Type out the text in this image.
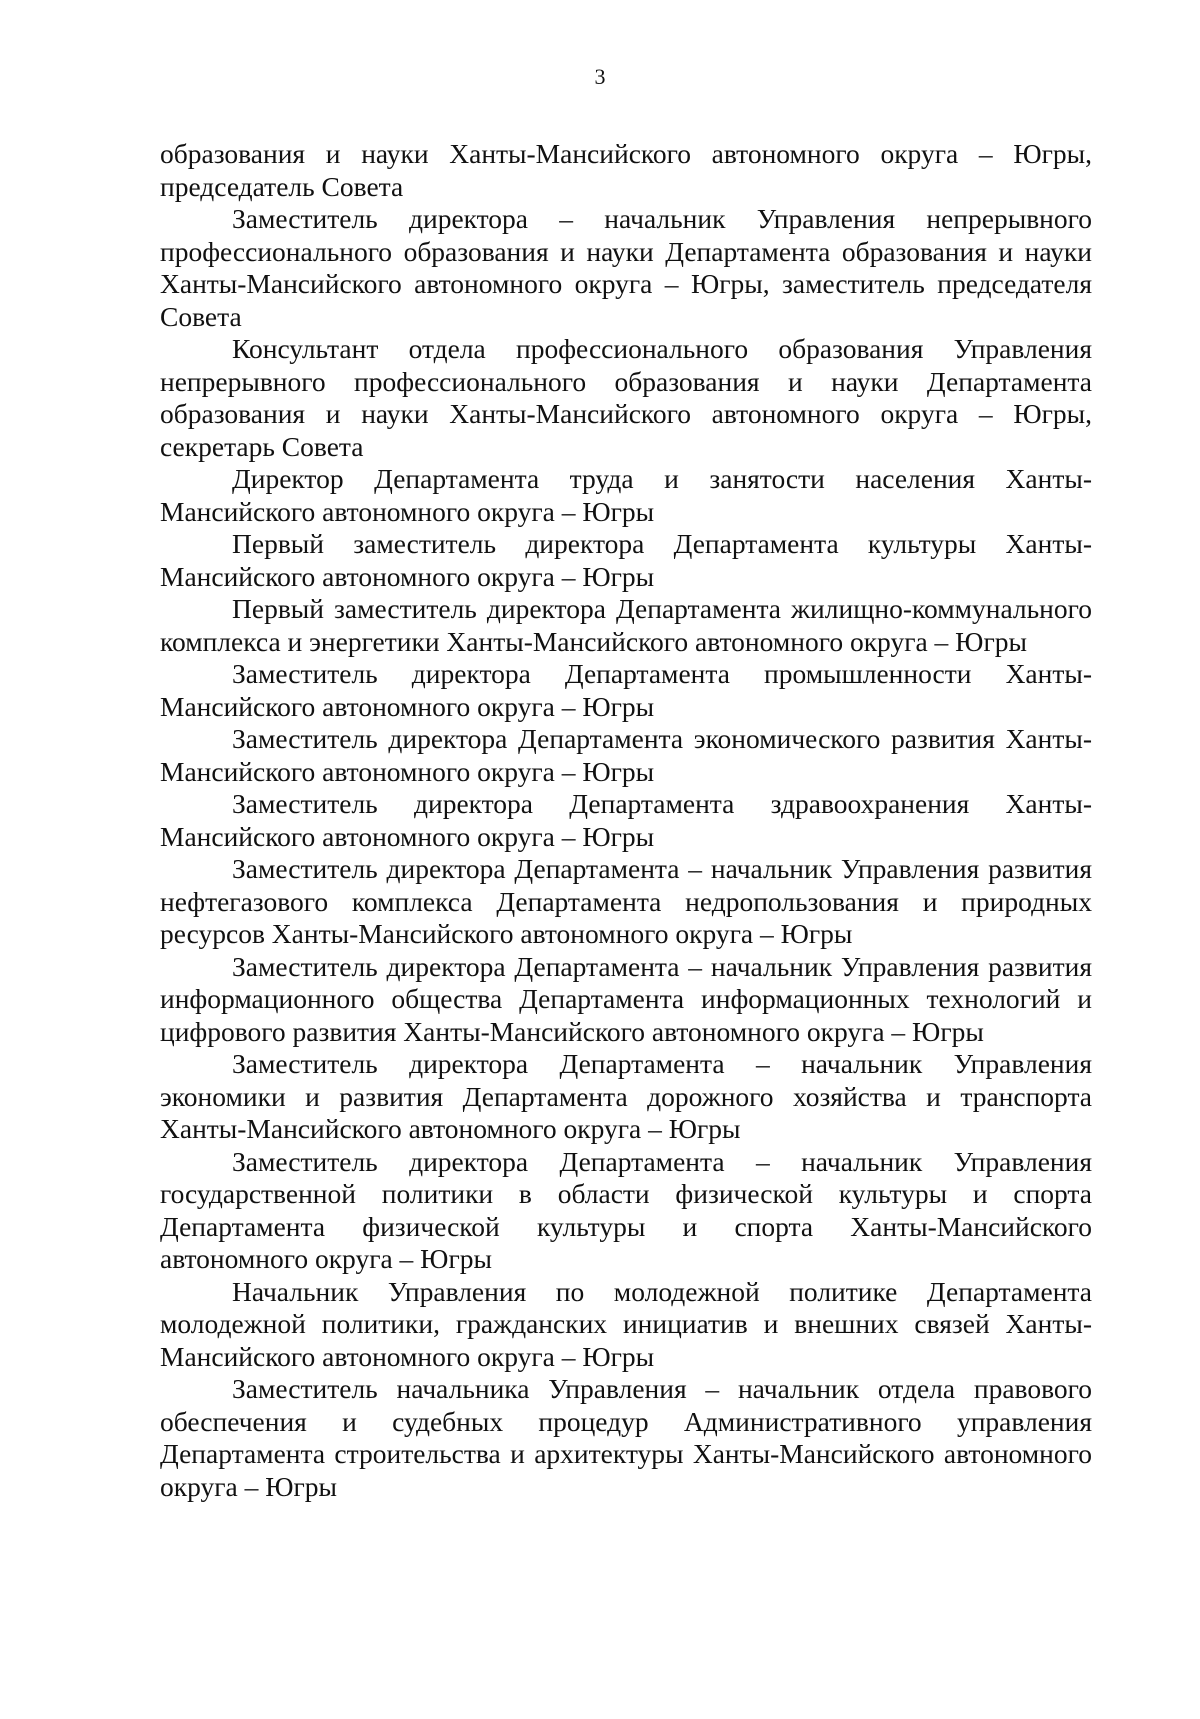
3

образования и науки Ханты-Мансийского автономного округа – Югры, председатель Совета

Заместитель директора – начальник Управления непрерывного профессионального образования и науки Департамента образования и науки Ханты-Мансийского автономного округа – Югры, заместитель председателя Совета

Консультант отдела профессионального образования Управления непрерывного профессионального образования и науки Департамента образования и науки Ханты-Мансийского автономного округа – Югры, секретарь Совета

Директор Департамента труда и занятости населения Ханты-Мансийского автономного округа – Югры

Первый заместитель директора Департамента культуры Ханты-Мансийского автономного округа – Югры

Первый заместитель директора Департамента жилищно-коммунального комплекса и энергетики Ханты-Мансийского автономного округа – Югры

Заместитель директора Департамента промышленности Ханты-Мансийского автономного округа – Югры

Заместитель директора Департамента экономического развития Ханты-Мансийского автономного округа – Югры

Заместитель директора Департамента здравоохранения Ханты-Мансийского автономного округа – Югры

Заместитель директора Департамента – начальник Управления развития нефтегазового комплекса Департамента недропользования и природных ресурсов Ханты-Мансийского автономного округа – Югры

Заместитель директора Департамента – начальник Управления развития информационного общества Департамента информационных технологий и цифрового развития Ханты-Мансийского автономного округа – Югры

Заместитель директора Департамента – начальник Управления экономики и развития Департамента дорожного хозяйства и транспорта Ханты-Мансийского автономного округа – Югры

Заместитель директора Департамента – начальник Управления государственной политики в области физической культуры и спорта Департамента физической культуры и спорта Ханты-Мансийского автономного округа – Югры

Начальник Управления по молодежной политике Департамента молодежной политики, гражданских инициатив и внешних связей Ханты-Мансийского автономного округа – Югры

Заместитель начальника Управления – начальник отдела правового обеспечения и судебных процедур Административного управления Департамента строительства и архитектуры Ханты-Мансийского автономного округа – Югры
